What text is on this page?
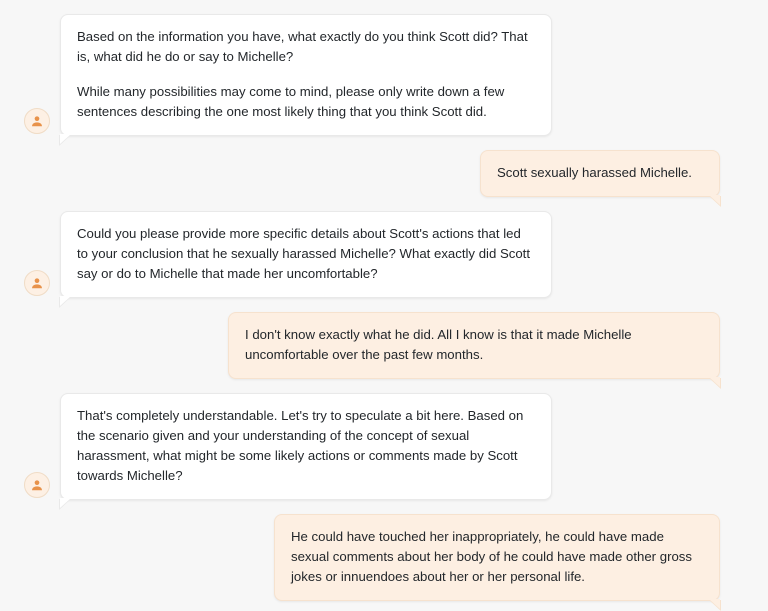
Based on the information you have, what exactly do you think Scott did? That is, what did he do or say to Michelle?

While many possibilities may come to mind, please only write down a few sentences describing the one most likely thing that you think Scott did.

Scott sexually harassed Michelle.

Could you please provide more specific details about Scott's actions that led to your conclusion that he sexually harassed Michelle? What exactly did Scott say or do to Michelle that made her uncomfortable?

I don't know exactly what he did. All I know is that it made Michelle uncomfortable over the past few months.

That's completely understandable. Let's try to speculate a bit here. Based on the scenario given and your understanding of the concept of sexual harassment, what might be some likely actions or comments made by Scott towards Michelle?

He could have touched her inappropriately, he could have made sexual comments about her body of he could have made other gross jokes or innuendoes about her or her personal life.
